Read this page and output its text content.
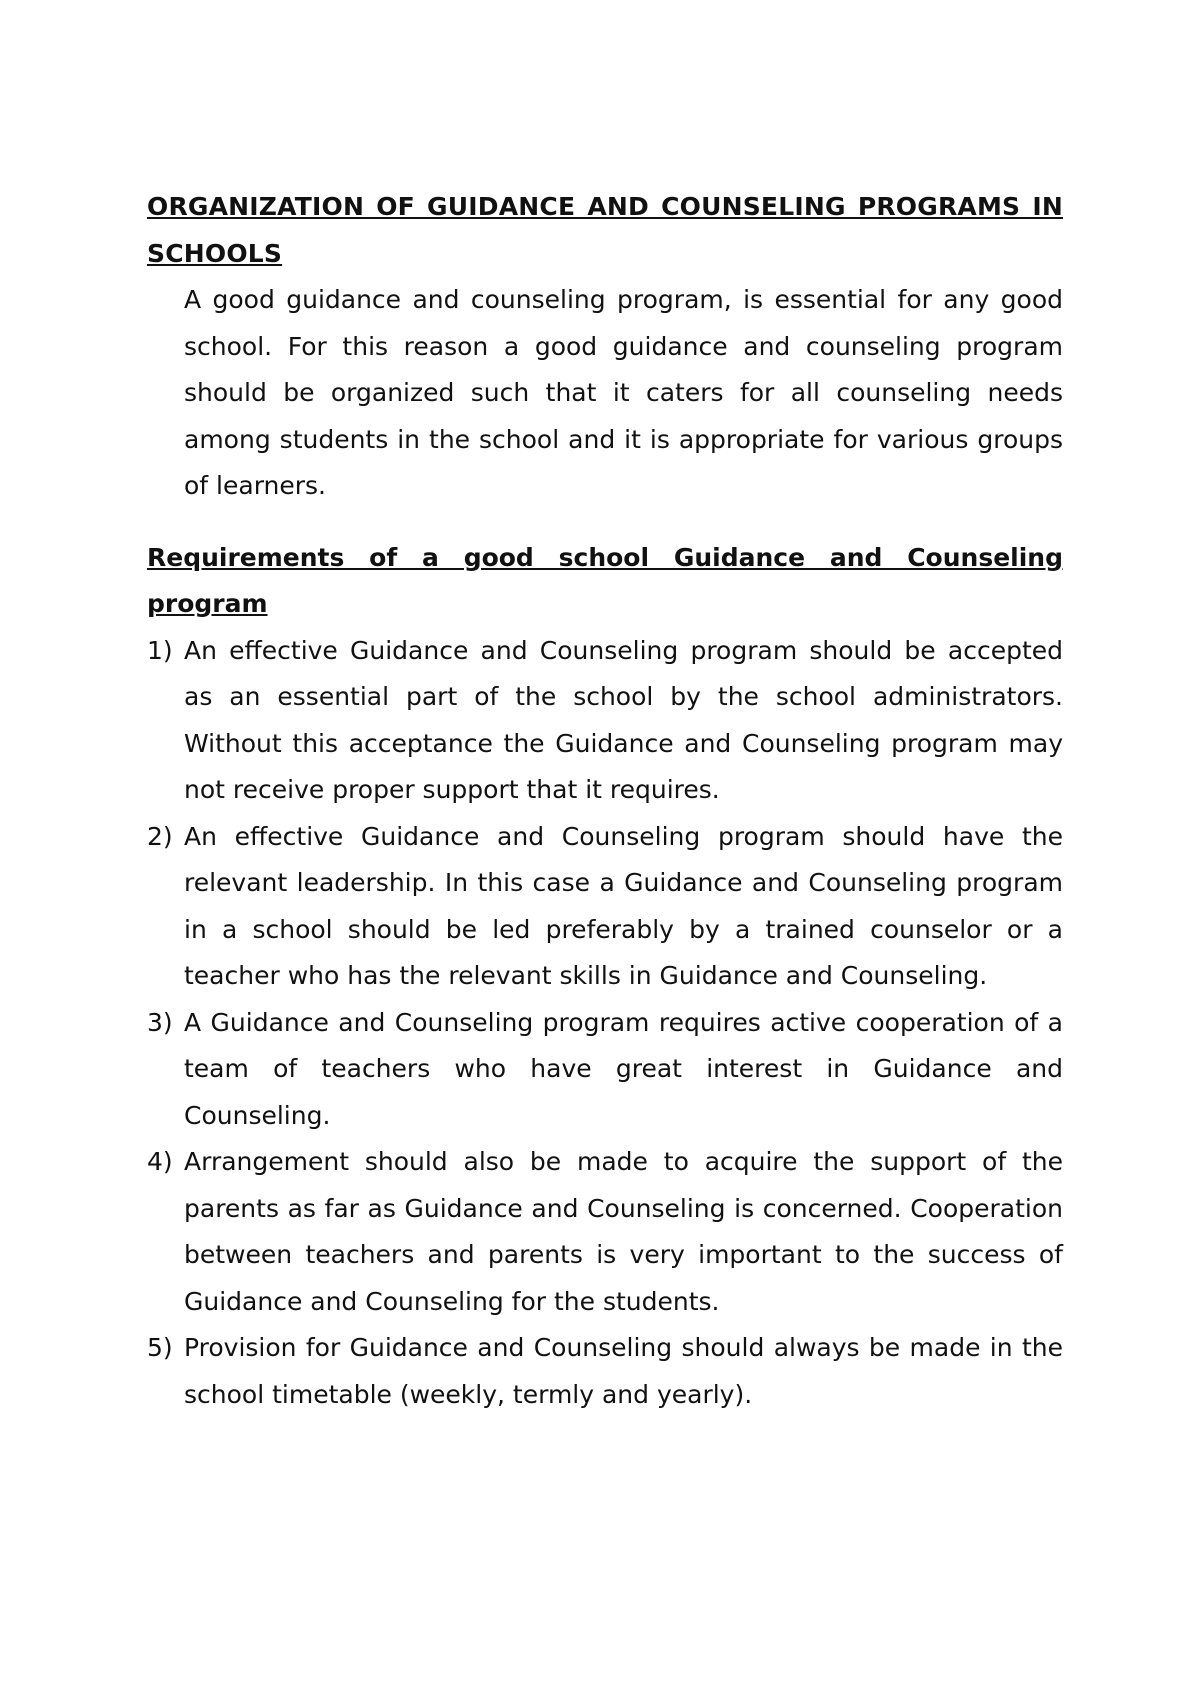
ORGANIZATION OF GUIDANCE AND COUNSELING PROGRAMS IN SCHOOLS

A good guidance and counseling program, is essential for any good school. For this reason a good guidance and counseling program should be organized such that it caters for all counseling needs among students in the school and it is appropriate for various groups of learners.

Requirements of a good school Guidance and Counseling program

1) An effective Guidance and Counseling program should be accepted as an essential part of the school by the school administrators. Without this acceptance the Guidance and Counseling program may not receive proper support that it requires.
2) An effective Guidance and Counseling program should have the relevant leadership. In this case a Guidance and Counseling program in a school should be led preferably by a trained counselor or a teacher who has the relevant skills in Guidance and Counseling.
3) A Guidance and Counseling program requires active cooperation of a team of teachers who have great interest in Guidance and Counseling.
4) Arrangement should also be made to acquire the support of the parents as far as Guidance and Counseling is concerned. Cooperation between teachers and parents is very important to the success of Guidance and Counseling for the students.
5) Provision for Guidance and Counseling should always be made in the school timetable (weekly, termly and yearly).
